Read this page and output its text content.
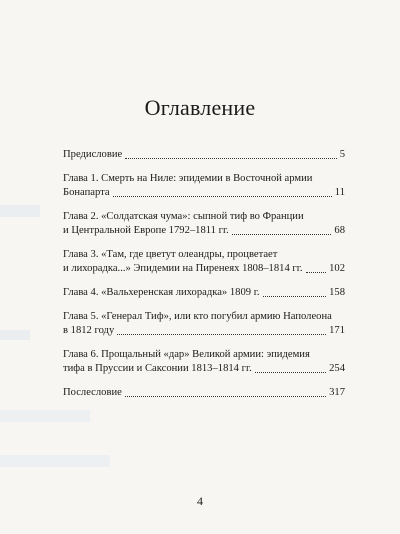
Оглавление
Предисловие	5
Глава 1. Смерть на Ниле: эпидемии в Восточной армии
Бонапарта	11
Глава 2. «Солдатская чума»: сыпной тиф во Франции
и Центральной Европе 1792–1811 гг.	68
Глава 3. «Там, где цветут олеандры, процветает
и лихорадка...» Эпидемии на Пиренеях 1808–1814 гг.	102
Глава 4. «Вальхеренская лихорадка» 1809 г.	158
Глава 5. «Генерал Тиф», или кто погубил армию Наполеона
в 1812 году	171
Глава 6. Прощальный «дар» Великой армии: эпидемия
тифа в Пруссии и Саксонии 1813–1814 гг.	254
Послесловие	317
4
